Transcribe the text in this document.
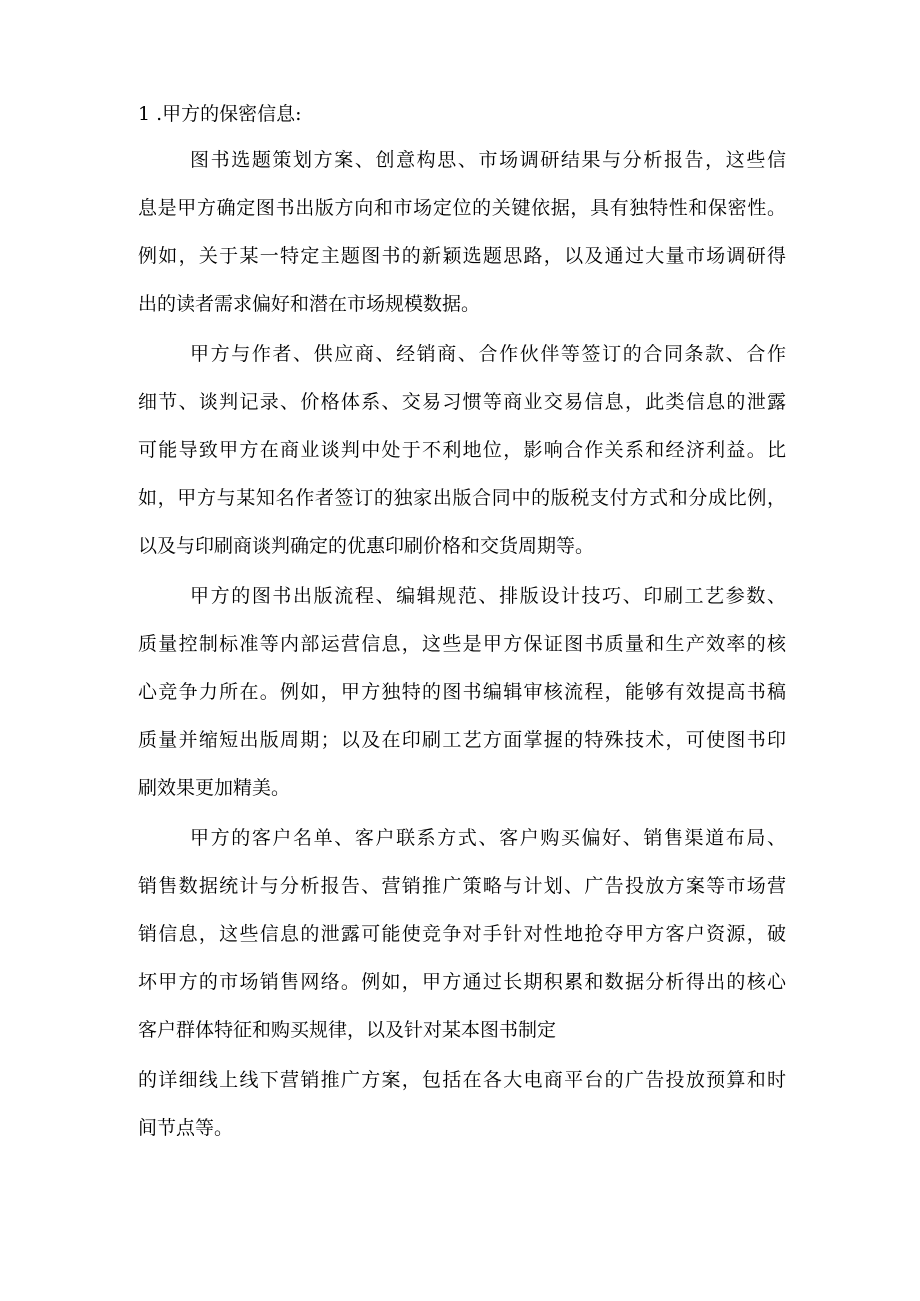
1 .甲方的保密信息:
图书选题策划方案、创意构思、市场调研结果与分析报告，这些信
息是甲方确定图书出版方向和市场定位的关键依据，具有独特性和保密性。
例如，关于某一特定主题图书的新颖选题思路，以及通过大量市场调研得
出的读者需求偏好和潜在市场规模数据。
甲方与作者、供应商、经销商、合作伙伴等签订的合同条款、合作
细节、谈判记录、价格体系、交易习惯等商业交易信息，此类信息的泄露
可能导致甲方在商业谈判中处于不利地位，影响合作关系和经济利益。比
如，甲方与某知名作者签订的独家出版合同中的版税支付方式和分成比例，
以及与印刷商谈判确定的优惠印刷价格和交货周期等。
甲方的图书出版流程、编辑规范、排版设计技巧、印刷工艺参数、
质量控制标准等内部运营信息，这些是甲方保证图书质量和生产效率的核
心竞争力所在。例如，甲方独特的图书编辑审核流程，能够有效提高书稿
质量并缩短出版周期；以及在印刷工艺方面掌握的特殊技术，可使图书印
刷效果更加精美。
甲方的客户名单、客户联系方式、客户购买偏好、销售渠道布局、
销售数据统计与分析报告、营销推广策略与计划、广告投放方案等市场营
销信息，这些信息的泄露可能使竞争对手针对性地抢夺甲方客户资源，破
坏甲方的市场销售网络。例如，甲方通过长期积累和数据分析得出的核心
客户群体特征和购买规律，以及针对某本图书制定
的详细线上线下营销推广方案，包括在各大电商平台的广告投放预算和时
间节点等。
